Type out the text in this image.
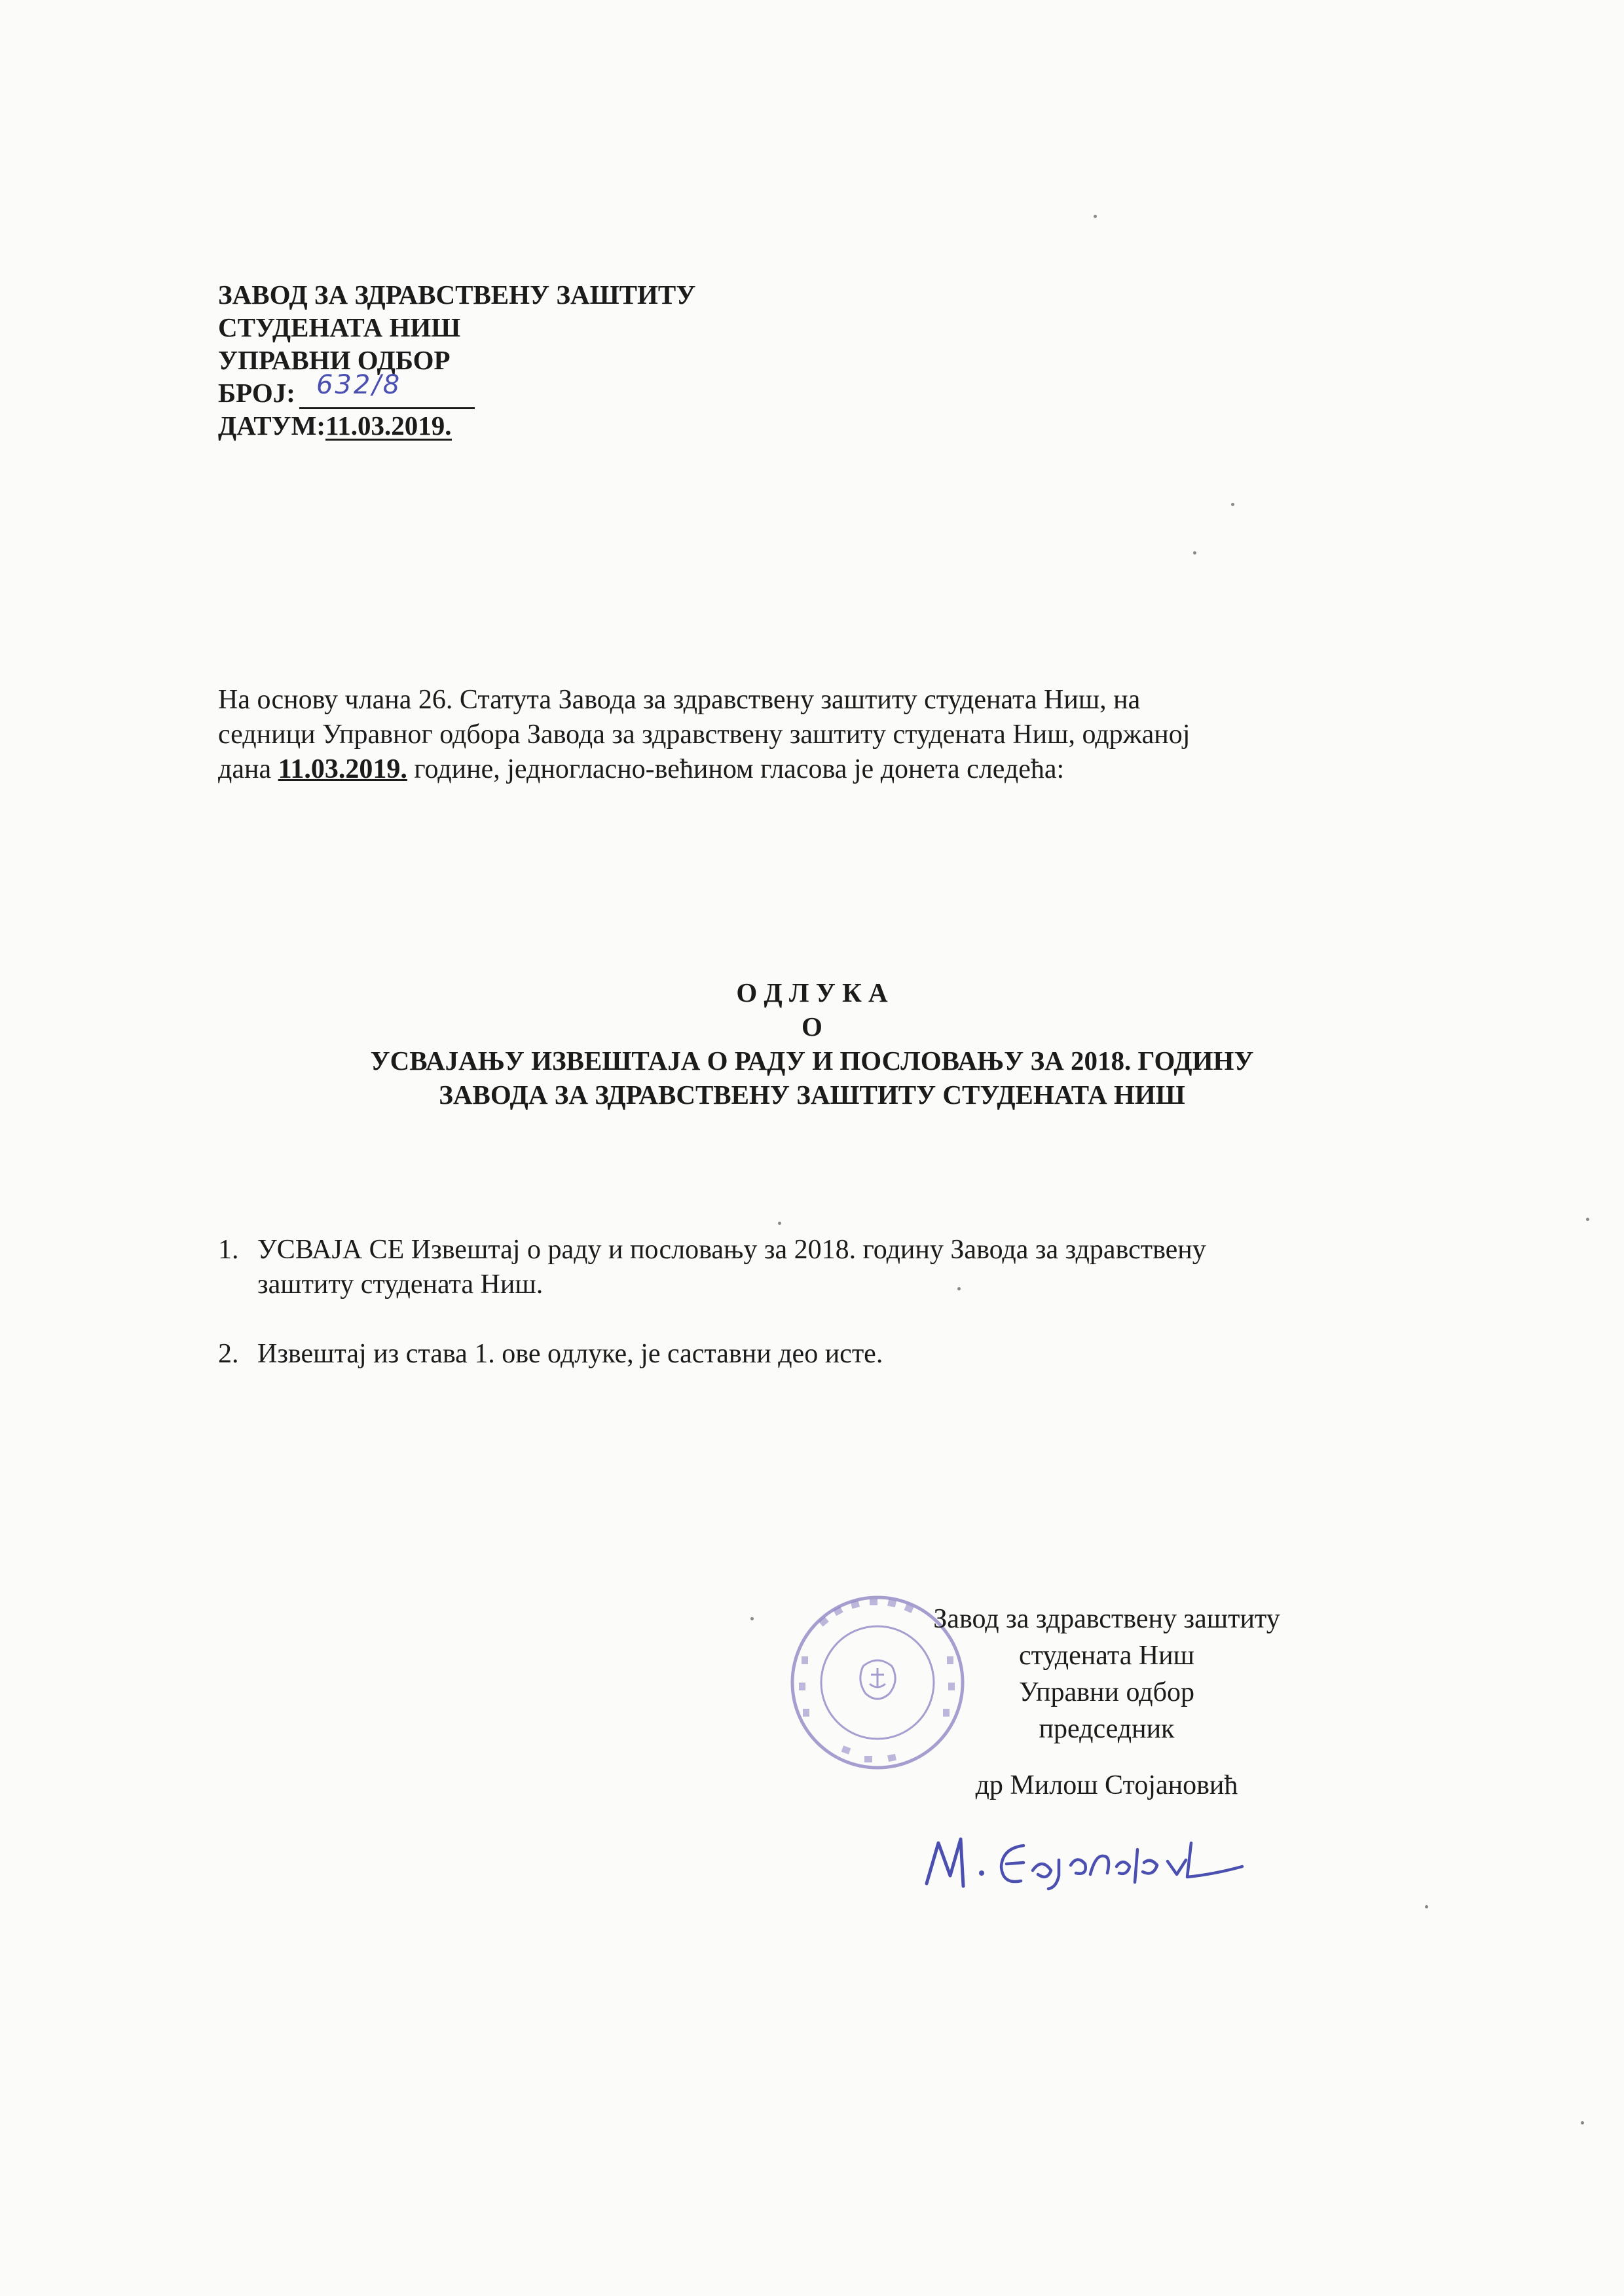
ЗАВОД ЗА ЗДРАВСТВЕНУ ЗАШТИТУ
СТУДЕНАТА НИШ
УПРАВНИ ОДБОР
БРОЈ: 632/8
ДАТУМ:11.03.2019.

На основу члана 26. Статута Завода за здравствену заштиту студената Ниш, на

седници Управног одбора Завода за здравствену заштиту студената Ниш, одржаној

дана 11.03.2019. године, једногласно-већином гласова је донета следећа:

О Д Л У К А
О
УСВАЈАЊУ ИЗВЕШТАЈА О РАДУ И ПОСЛОВАЊУ ЗА 2018. ГОДИНУ
ЗАВОДА ЗА ЗДРАВСТВЕНУ ЗАШТИТУ СТУДЕНАТА НИШ
1. УСВАЈА СЕ Извештај о раду и пословању за 2018. годину Завода за здравствену
заштиту студената Ниш.
2. Извештај из става 1. ове одлуке, је саставни део исте.
Завод за здравствену заштиту
студената Ниш
Управни одбор
председник
др Милош Стојановић
